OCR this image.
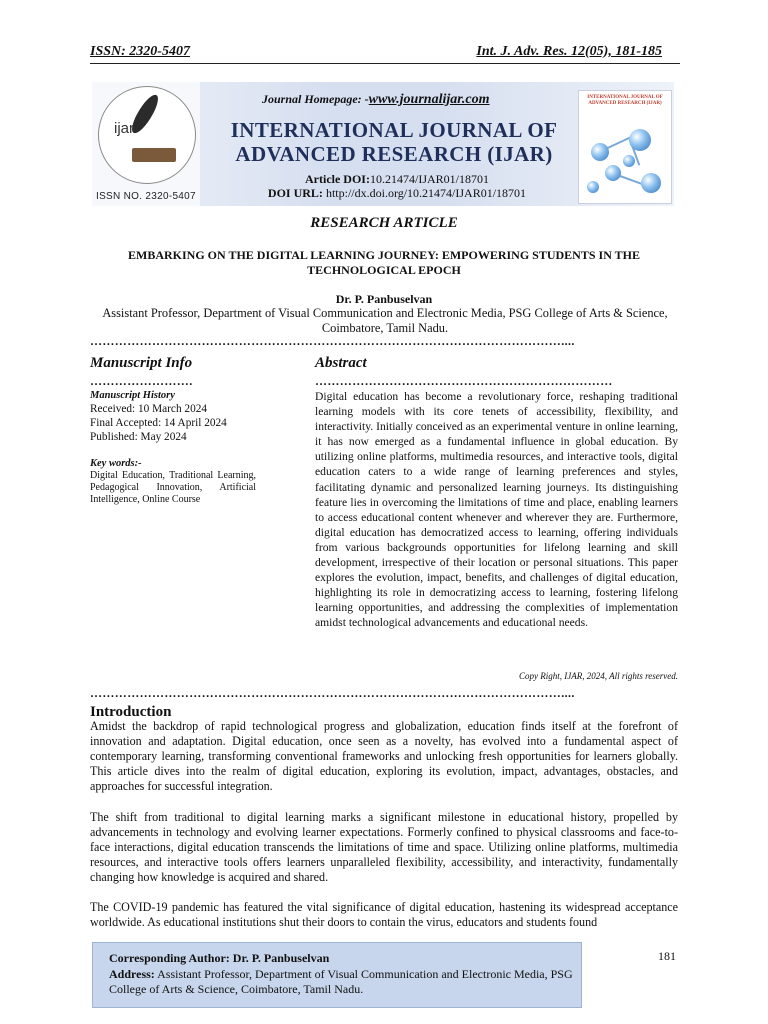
ISSN: 2320-5407	Int. J. Adv. Res. 12(05), 181-185
ijar
ISSN NO. 2320-5407
Journal Homepage: -www.journalijar.com
INTERNATIONAL JOURNAL OF ADVANCED RESEARCH (IJAR)
Article DOI:10.21474/IJAR01/18701
DOI URL: http://dx.doi.org/10.21474/IJAR01/18701
INTERNATIONAL JOURNAL OF ADVANCED RESEARCH (IJAR)
RESEARCH ARTICLE
EMBARKING ON THE DIGITAL LEARNING JOURNEY: EMPOWERING STUDENTS IN THE TECHNOLOGICAL EPOCH
Dr. P. Panbuselvan
Assistant Professor, Department of Visual Communication and Electronic Media, PSG College of Arts & Science, Coimbatore, Tamil Nadu.
……………………………………………………………………………………………………....
Manuscript Info
…………………….
Manuscript History
Received: 10 March 2024
Final Accepted: 14 April 2024
Published: May 2024
Key words:-
Digital Education, Traditional Learning, Pedagogical Innovation, Artificial Intelligence, Online Course
Abstract
………………………………………………………………
Digital education has become a revolutionary force, reshaping traditional learning models with its core tenets of accessibility, flexibility, and interactivity. Initially conceived as an experimental venture in online learning, it has now emerged as a fundamental influence in global education. By utilizing online platforms, multimedia resources, and interactive tools, digital education caters to a wide range of learning preferences and styles, facilitating dynamic and personalized learning journeys. Its distinguishing feature lies in overcoming the limitations of time and place, enabling learners to access educational content whenever and wherever they are. Furthermore, digital education has democratized access to learning, offering individuals from various backgrounds opportunities for lifelong learning and skill development, irrespective of their location or personal situations. This paper explores the evolution, impact, benefits, and challenges of digital education, highlighting its role in democratizing access to learning, fostering lifelong learning opportunities, and addressing the complexities of implementation amidst technological advancements and educational needs.
Copy Right, IJAR, 2024, All rights reserved.
……………………………………………………………………………………………………....
Introduction
Amidst the backdrop of rapid technological progress and globalization, education finds itself at the forefront of innovation and adaptation. Digital education, once seen as a novelty, has evolved into a fundamental aspect of contemporary learning, transforming conventional frameworks and unlocking fresh opportunities for learners globally. This article dives into the realm of digital education, exploring its evolution, impact, advantages, obstacles, and approaches for successful integration.
The shift from traditional to digital learning marks a significant milestone in educational history, propelled by advancements in technology and evolving learner expectations. Formerly confined to physical classrooms and face-to-face interactions, digital education transcends the limitations of time and space. Utilizing online platforms, multimedia resources, and interactive tools offers learners unparalleled flexibility, accessibility, and interactivity, fundamentally changing how knowledge is acquired and shared.
The COVID-19 pandemic has featured the vital significance of digital education, hastening its widespread acceptance worldwide. As educational institutions shut their doors to contain the virus, educators and students found
Corresponding Author: Dr. P. Panbuselvan
Address: Assistant Professor, Department of Visual Communication and Electronic Media, PSG College of Arts & Science, Coimbatore, Tamil Nadu.
181
